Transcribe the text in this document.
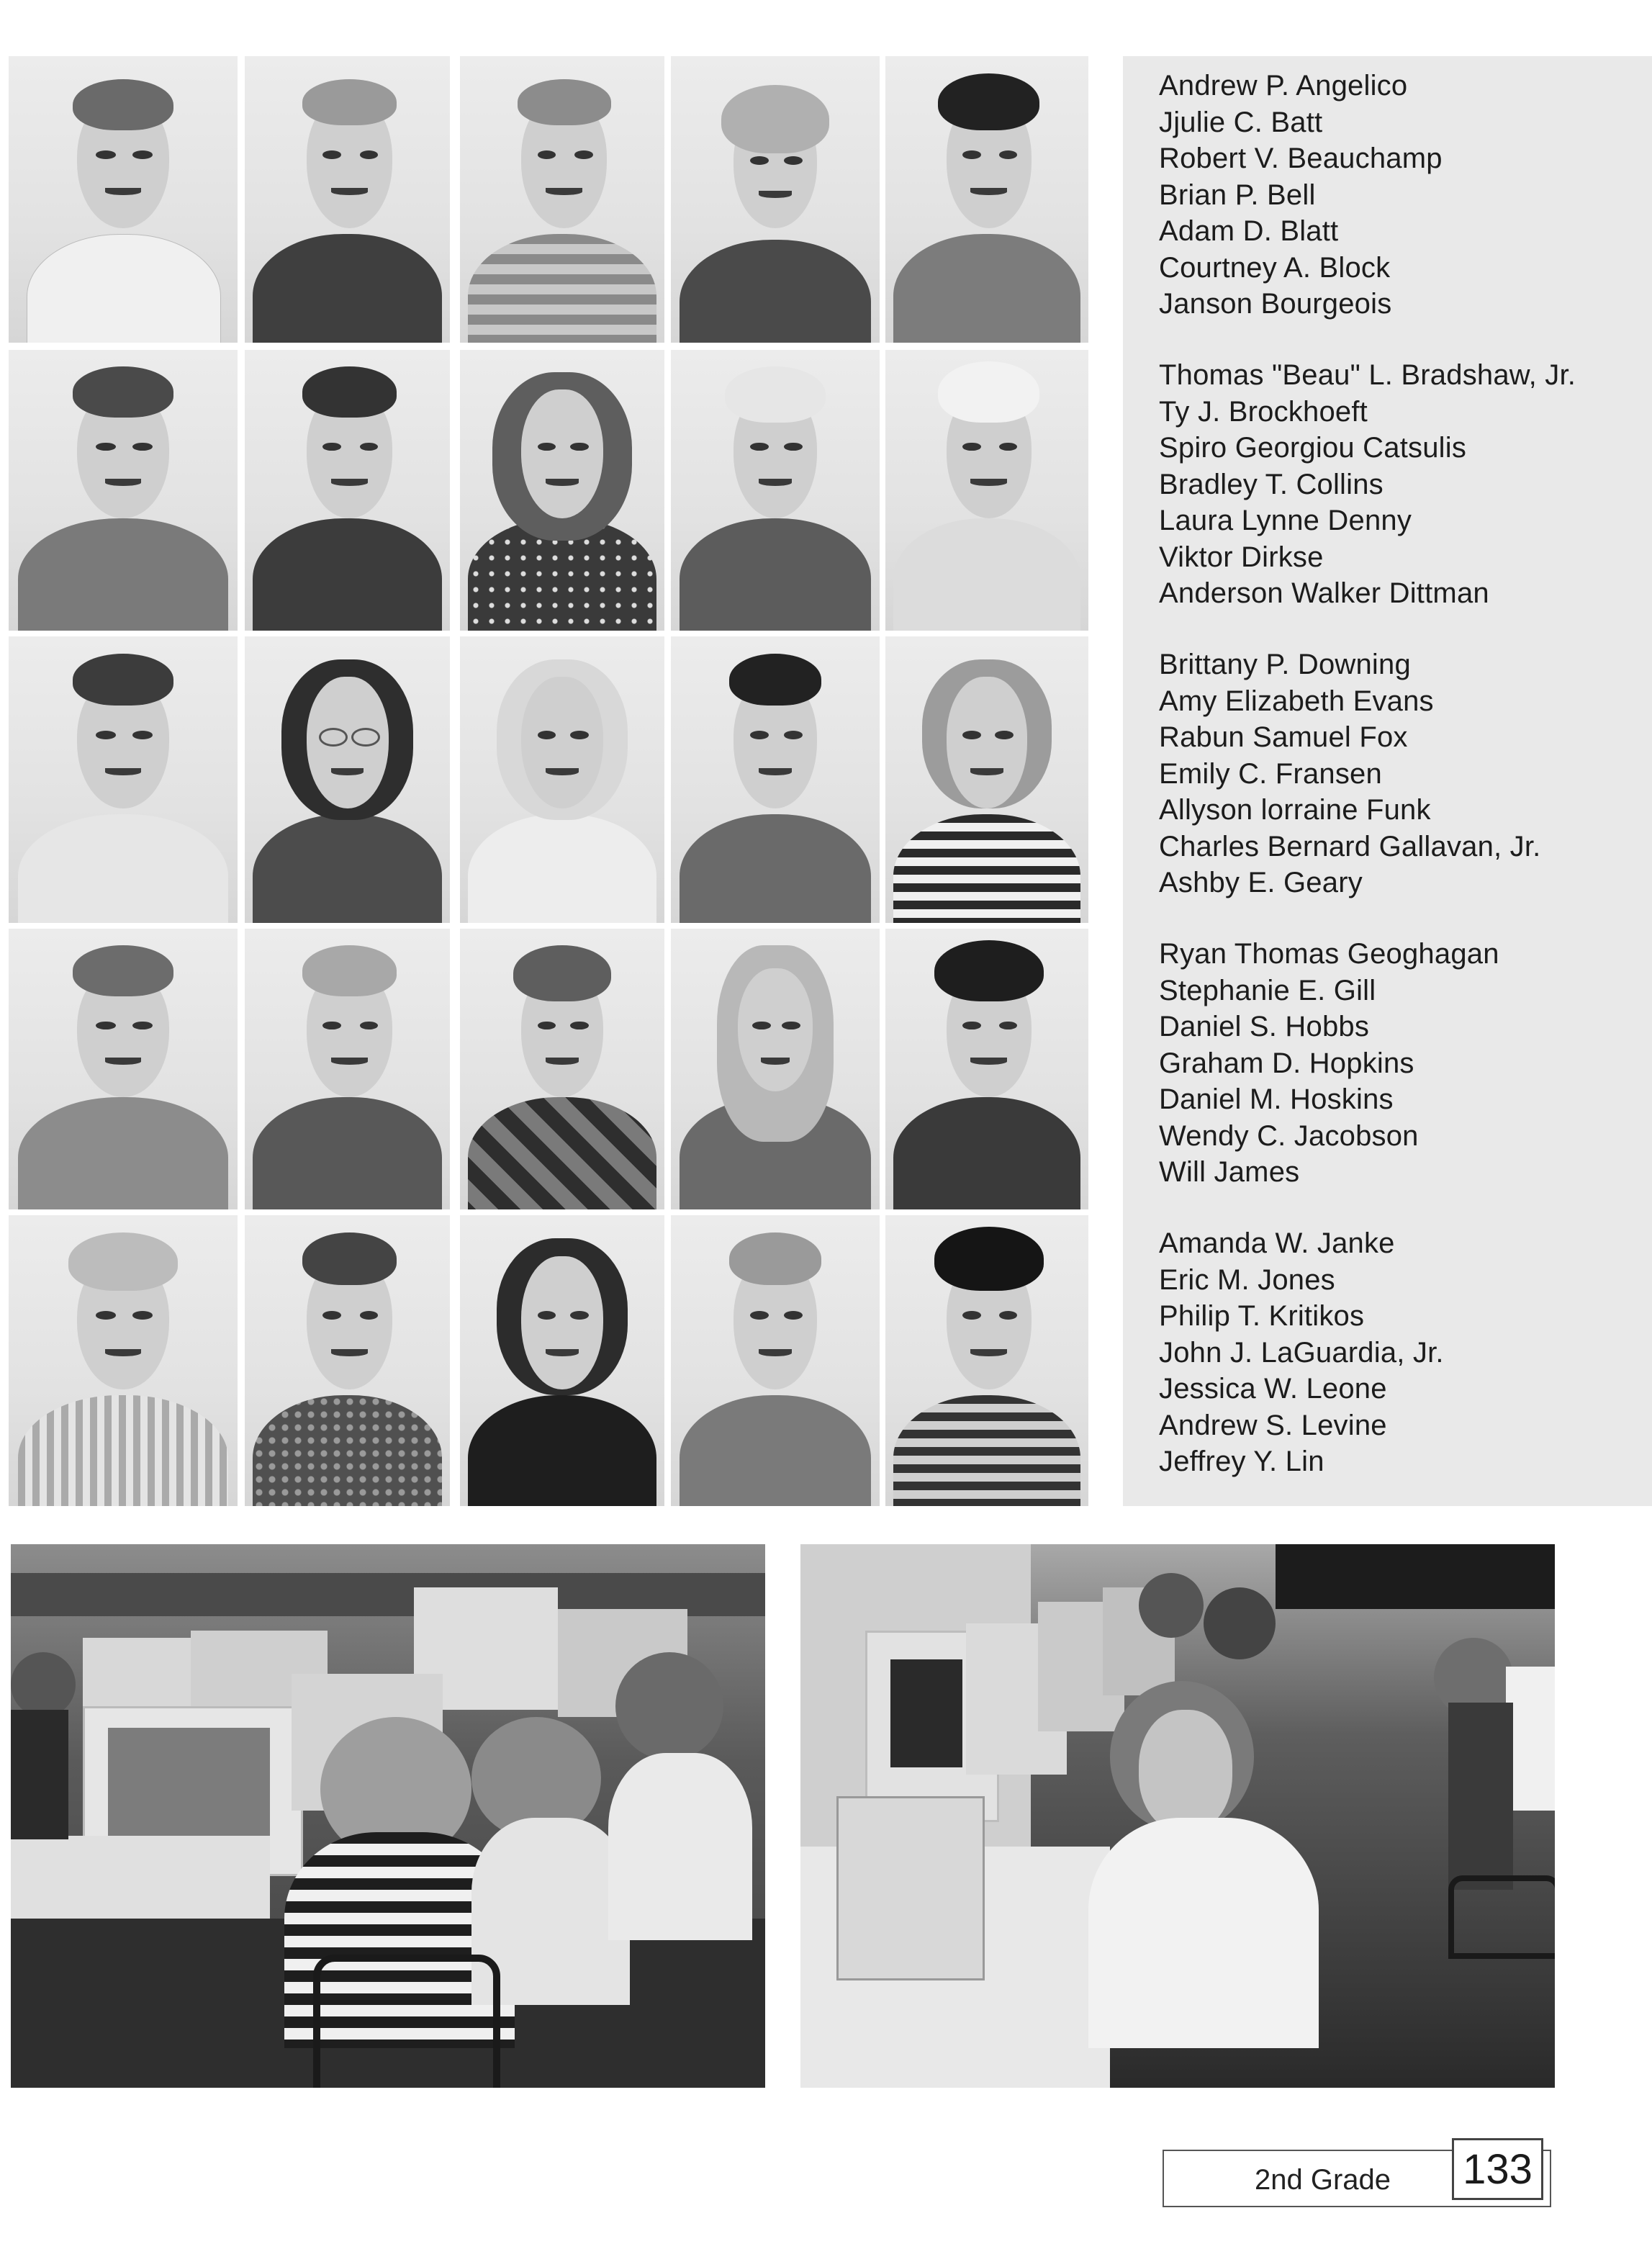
Andrew P. Angelico
Jjulie C. Batt
Robert V. Beauchamp
Brian P. Bell
Adam D. Blatt
Courtney A. Block
Janson Bourgeois
Thomas "Beau" L. Bradshaw, Jr.
Ty J. Brockhoeft
Spiro Georgiou Catsulis
Bradley T. Collins
Laura Lynne Denny
Viktor Dirkse
Anderson Walker Dittman
Brittany P. Downing
Amy Elizabeth Evans
Rabun Samuel Fox
Emily C. Fransen
Allyson lorraine Funk
Charles Bernard Gallavan, Jr.
Ashby E. Geary
Ryan Thomas Geoghagan
Stephanie E. Gill
Daniel S. Hobbs
Graham D. Hopkins
Daniel M. Hoskins
Wendy C. Jacobson
Will James
Amanda W. Janke
Eric M. Jones
Philip T. Kritikos
John J. LaGuardia, Jr.
Jessica W. Leone
Andrew S. Levine
Jeffrey Y. Lin
2nd Grade 133
